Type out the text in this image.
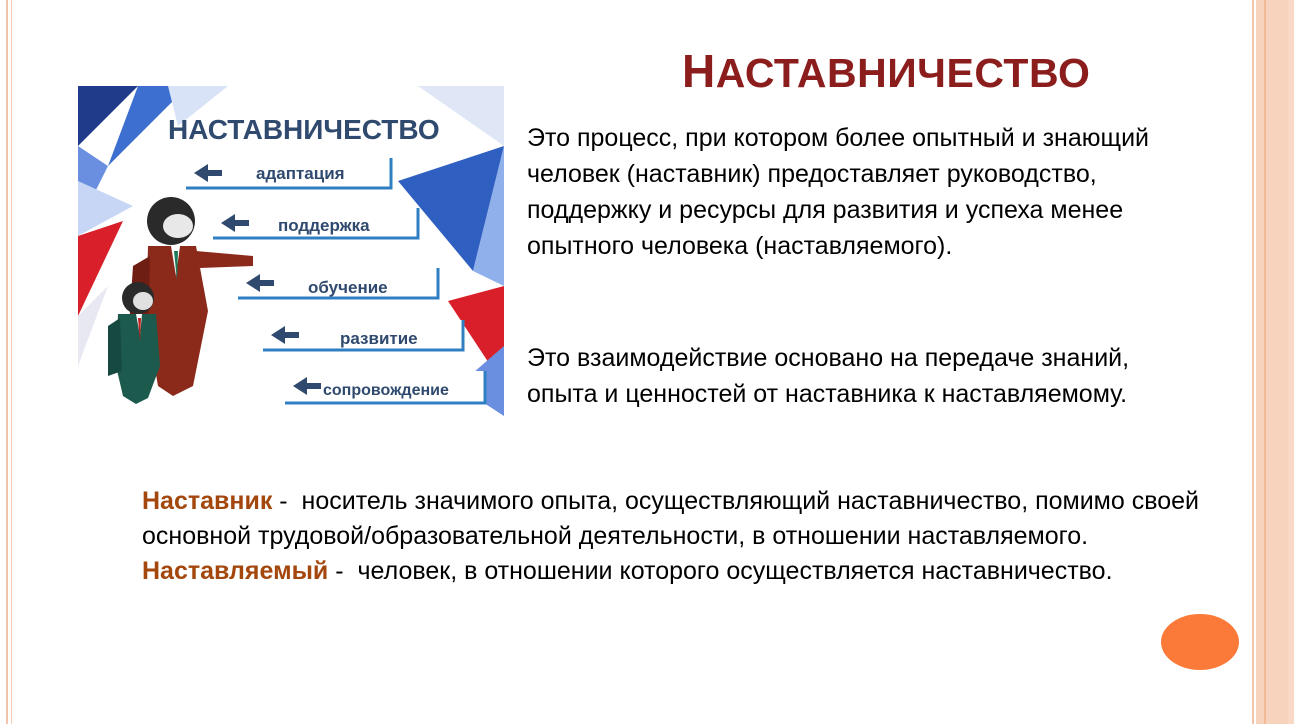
НАСТАВНИЧЕСТВО
НАСТАВНИЧЕСТВО
адаптация
поддержка
обучение
развитие
сопровождение
Это процесс, при котором более опытный и знающий человек (наставник) предоставляет руководство, поддержку и ресурсы для развития и успеха менее опытного человека (наставляемого).
Это взаимодействие основано на передаче знаний, опыта и ценностей от наставника к наставляемому.
Наставник -  носитель значимого опыта, осуществляющий наставничество, помимо своей основной трудовой/образовательной деятельности, в отношении наставляемого.
Наставляемый -  человек, в отношении которого осуществляется наставничество.
